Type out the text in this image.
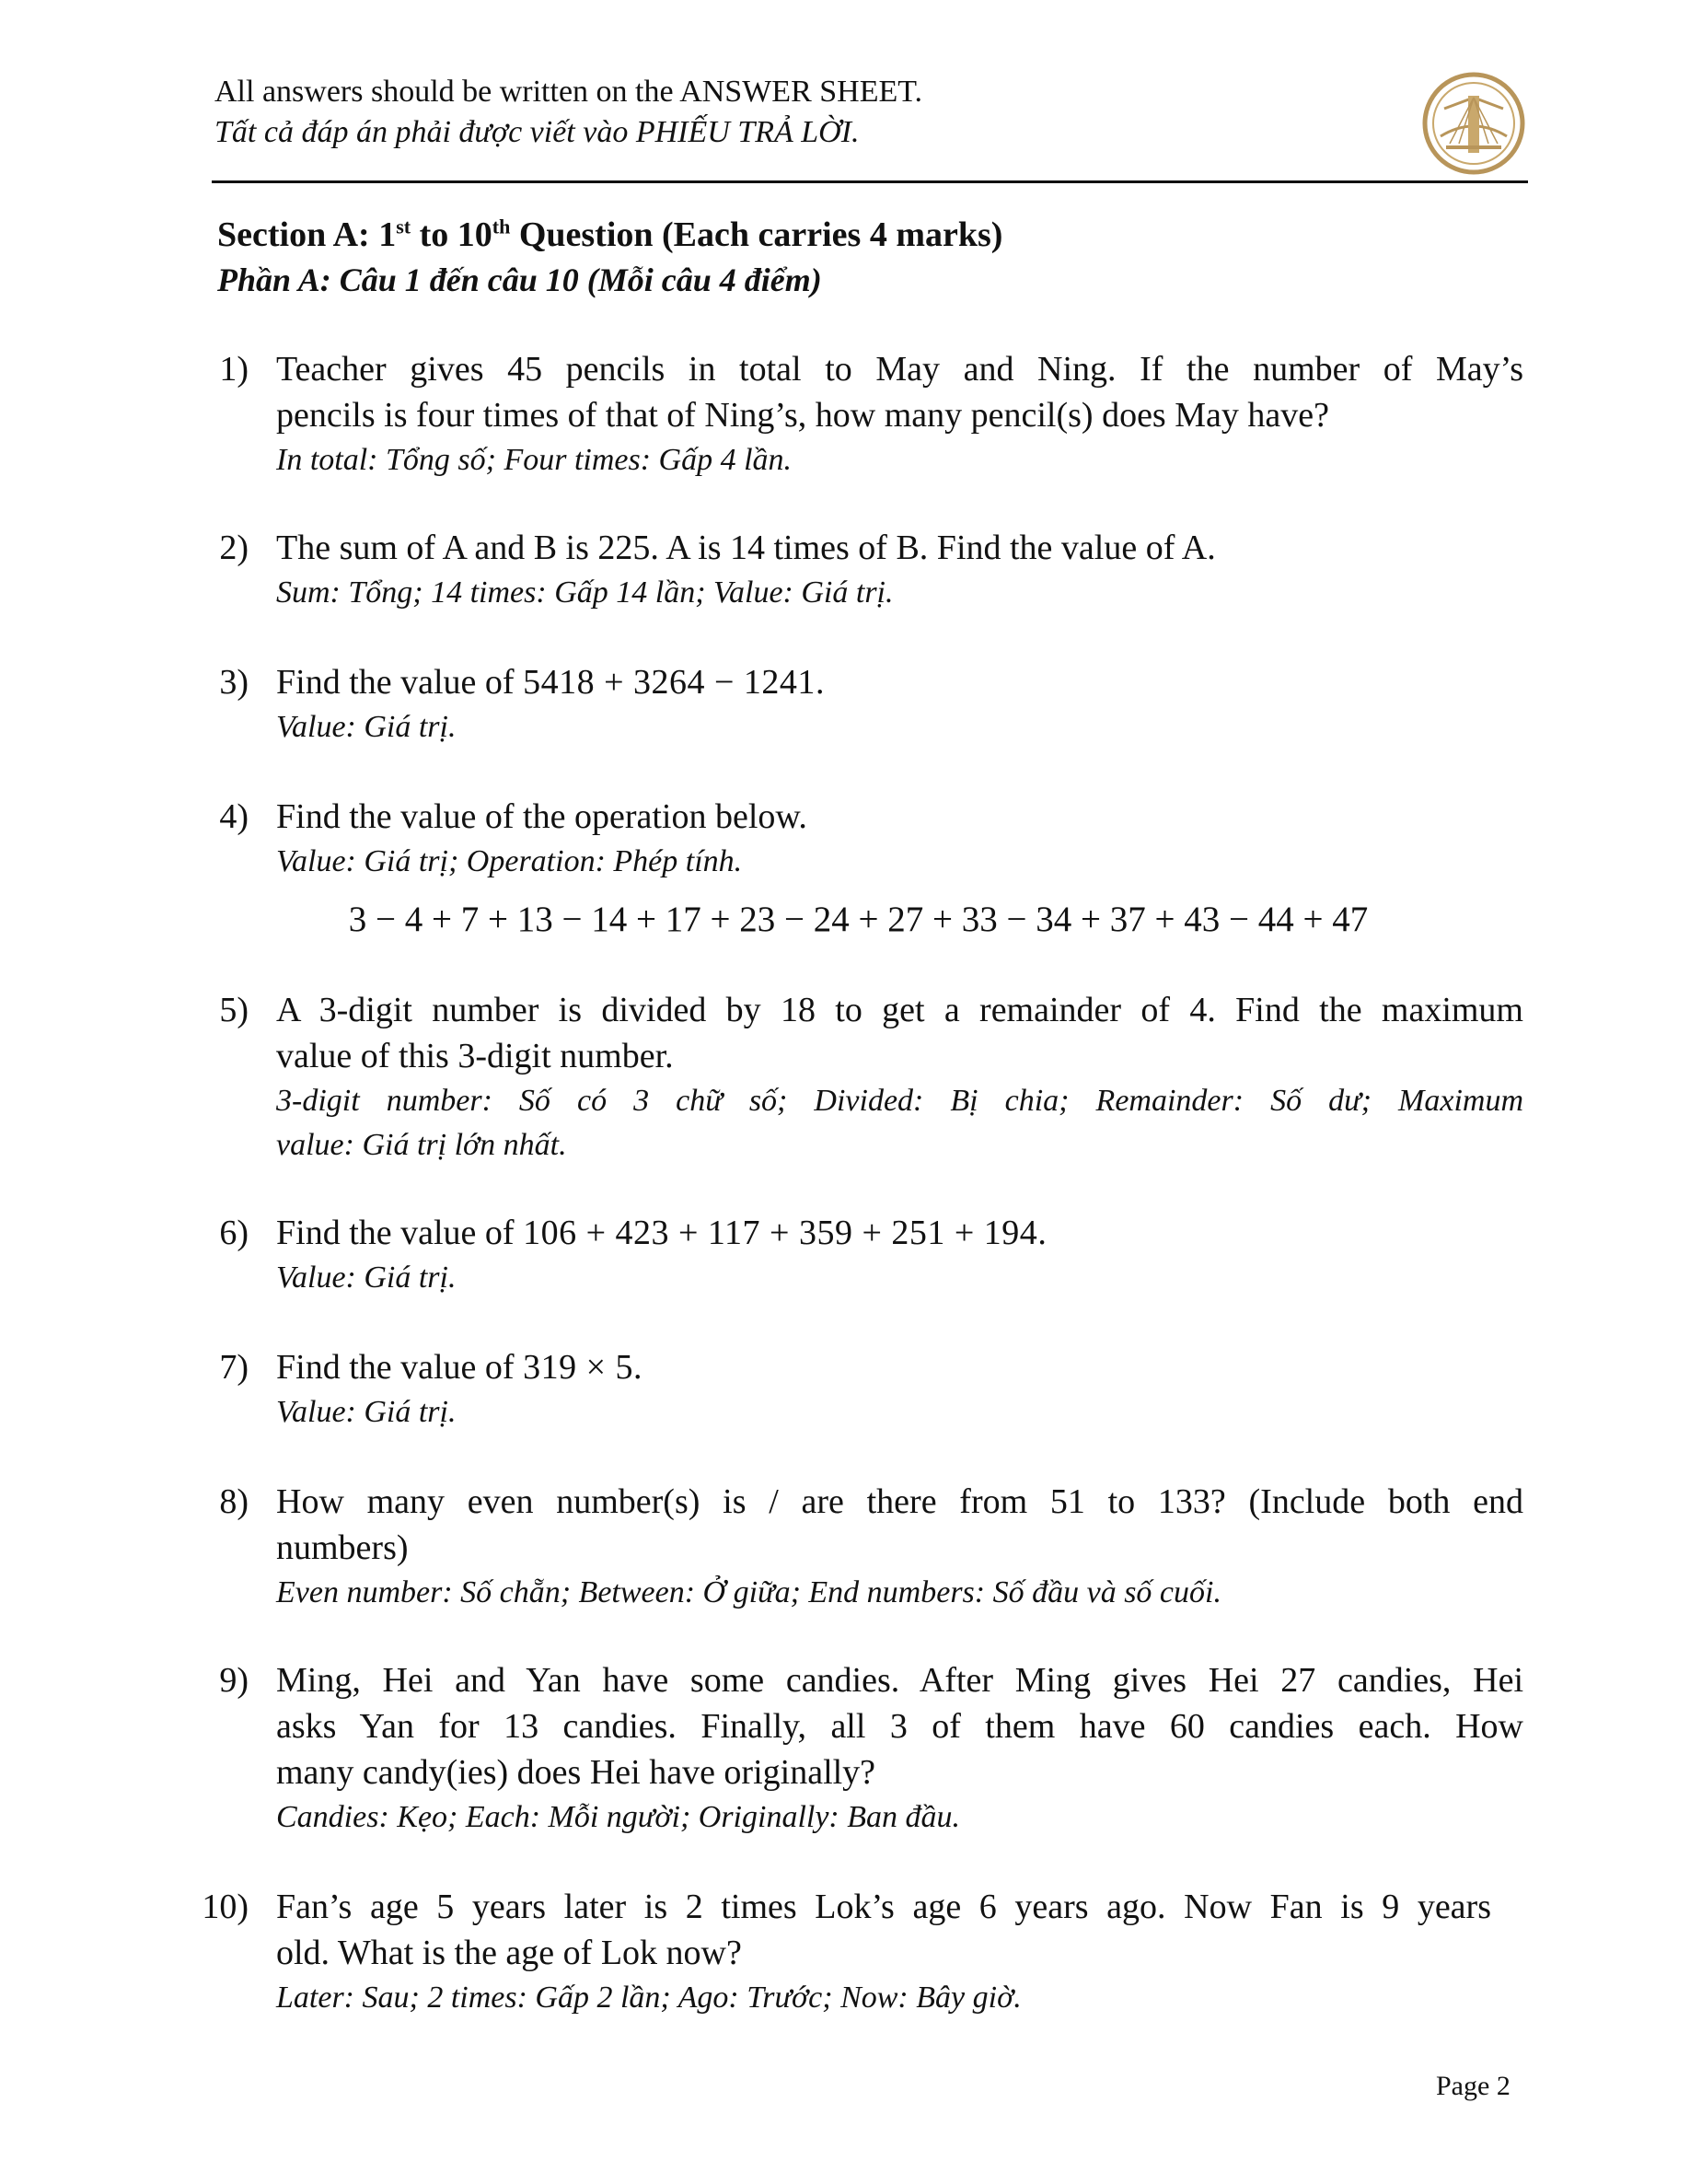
All answers should be written on the ANSWER SHEET.
Tất cả đáp án phải được viết vào PHIẾU TRẢ LỜI.
Section A: 1st to 10th Question (Each carries 4 marks)
Phần A: Câu 1 đến câu 10 (Mỗi câu 4 điểm)
1) Teacher gives 45 pencils in total to May and Ning. If the number of May’s
pencils is four times of that of Ning’s, how many pencil(s) does May have?
In total: Tổng số; Four times: Gấp 4 lần.
2) The sum of A and B is 225. A is 14 times of B. Find the value of A.
Sum: Tổng; 14 times: Gấp 14 lần; Value: Giá trị.
3) Find the value of 5418 + 3264 − 1241.
Value: Giá trị.
4) Find the value of the operation below.
Value: Giá trị; Operation: Phép tính.
3 − 4 + 7 + 13 − 14 + 17 + 23 − 24 + 27 + 33 − 34 + 37 + 43 − 44 + 47
5) A 3-digit number is divided by 18 to get a remainder of 4. Find the maximum
value of this 3-digit number.
3-digit number: Số có 3 chữ số; Divided: Bị chia; Remainder: Số dư; Maximum
value: Giá trị lớn nhất.
6) Find the value of 106 + 423 + 117 + 359 + 251 + 194.
Value: Giá trị.
7) Find the value of 319 × 5.
Value: Giá trị.
8) How many even number(s) is / are there from 51 to 133? (Include both end
numbers)
Even number: Số chẵn; Between: Ở giữa; End numbers: Số đầu và số cuối.
9) Ming, Hei and Yan have some candies. After Ming gives Hei 27 candies, Hei
asks Yan for 13 candies. Finally, all 3 of them have 60 candies each. How
many candy(ies) does Hei have originally?
Candies: Kẹo; Each: Mỗi người; Originally: Ban đầu.
10) Fan’s age 5 years later is 2 times Lok’s age 6 years ago. Now Fan is 9 years
old. What is the age of Lok now?
Later: Sau; 2 times: Gấp 2 lần; Ago: Trước; Now: Bây giờ.
Page 2
